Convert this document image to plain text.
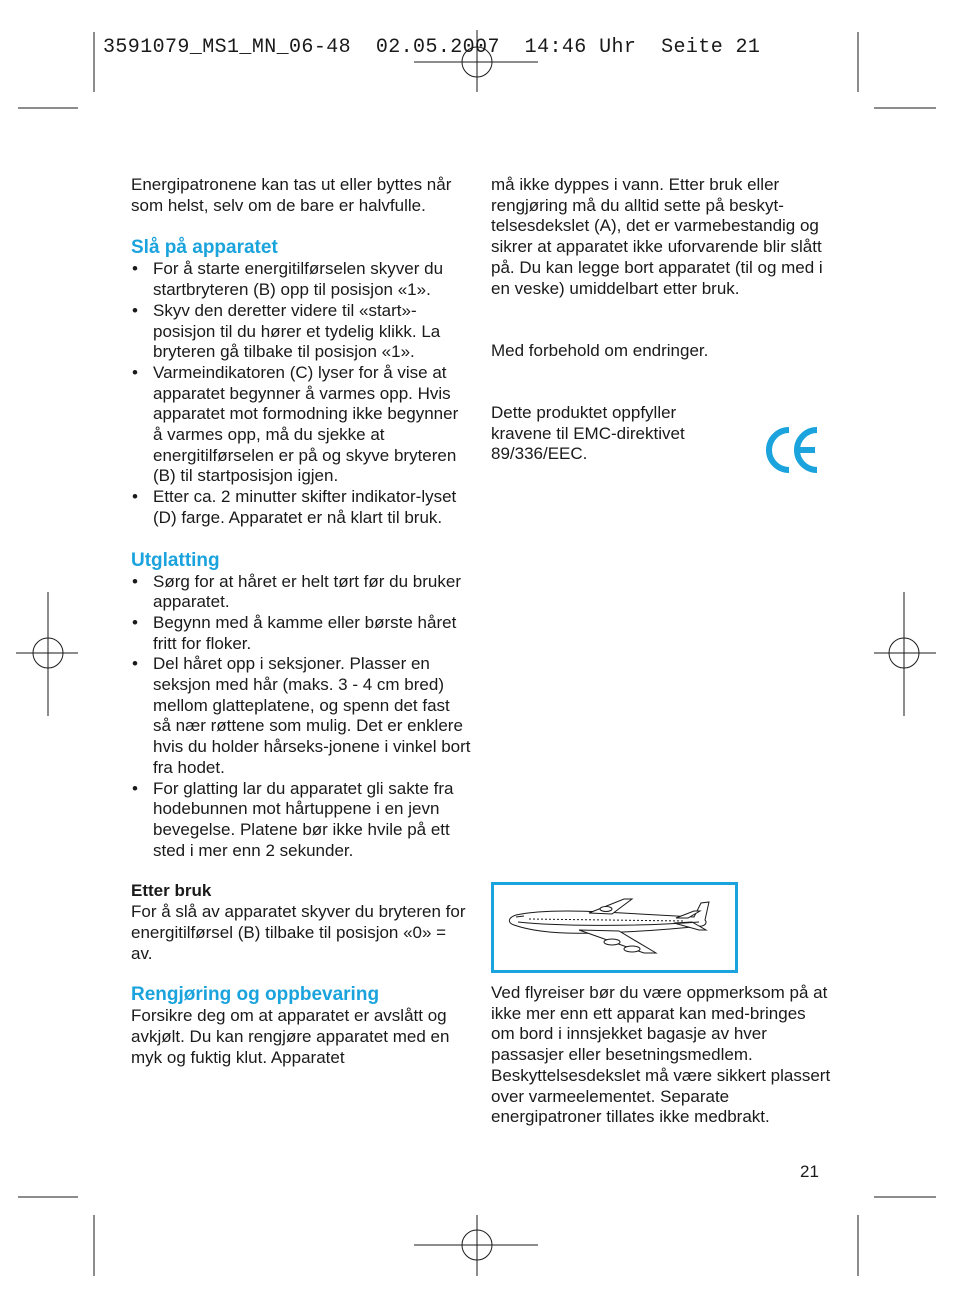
3591079_MS1_MN_06-48  02.05.2007  14:46 Uhr  Seite 21

Energipatronene kan tas ut eller byttes når som helst, selv om de bare er halvfulle.

Slå på apparatet
• For å starte energitilførselen skyver du startbryteren (B) opp til posisjon «1».
• Skyv den deretter videre til «start»-posisjon til du hører et tydelig klikk. La bryteren gå tilbake til posisjon «1».
• Varmeindikatoren (C) lyser for å vise at apparatet begynner å varmes opp. Hvis apparatet mot formodning ikke begynner å varmes opp, må du sjekke at energitilførselen er på og skyve bryteren (B) til startposisjon igjen.
• Etter ca. 2 minutter skifter indikator-lyset (D) farge. Apparatet er nå klart til bruk.
Utglatting
• Sørg for at håret er helt tørt før du bruker apparatet.
• Begynn med å kamme eller børste håret fritt for floker.
• Del håret opp i seksjoner. Plasser en seksjon med hår (maks. 3 - 4 cm bred) mellom glatteplatene, og spenn det fast så nær røttene som mulig. Det er enklere hvis du holder hårseks-jonene i vinkel bort fra hodet.
• For glatting lar du apparatet gli sakte fra hodebunnen mot hårtuppene i en jevn bevegelse. Platene bør ikke hvile på ett sted i mer enn 2 sekunder.
Etter bruk

For å slå av apparatet skyver du bryteren for energitilførsel (B) tilbake til posisjon «0» = av.

Rengjøring og oppbevaring

Forsikre deg om at apparatet er avslått og avkjølt. Du kan rengjøre apparatet med en myk og fuktig klut. Apparatet

må ikke dyppes i vann. Etter bruk eller rengjøring må du alltid sette på beskyt-telsesdekslet (A), det er varmebestandig og sikrer at apparatet ikke uforvarende blir slått på. Du kan legge bort apparatet (til og med i en veske) umiddelbart etter bruk.

Med forbehold om endringer.

Dette produktet oppfyller kravene til EMC-direktivet 89/336/EEC.

Ved flyreiser bør du være oppmerksom på at ikke mer enn ett apparat kan med-bringes om bord i innsjekket bagasje av hver passasjer eller besetningsmedlem. Beskyttelsesdekslet må være sikkert plassert over varmeelementet. Separate energipatroner tillates ikke medbrakt.

21
